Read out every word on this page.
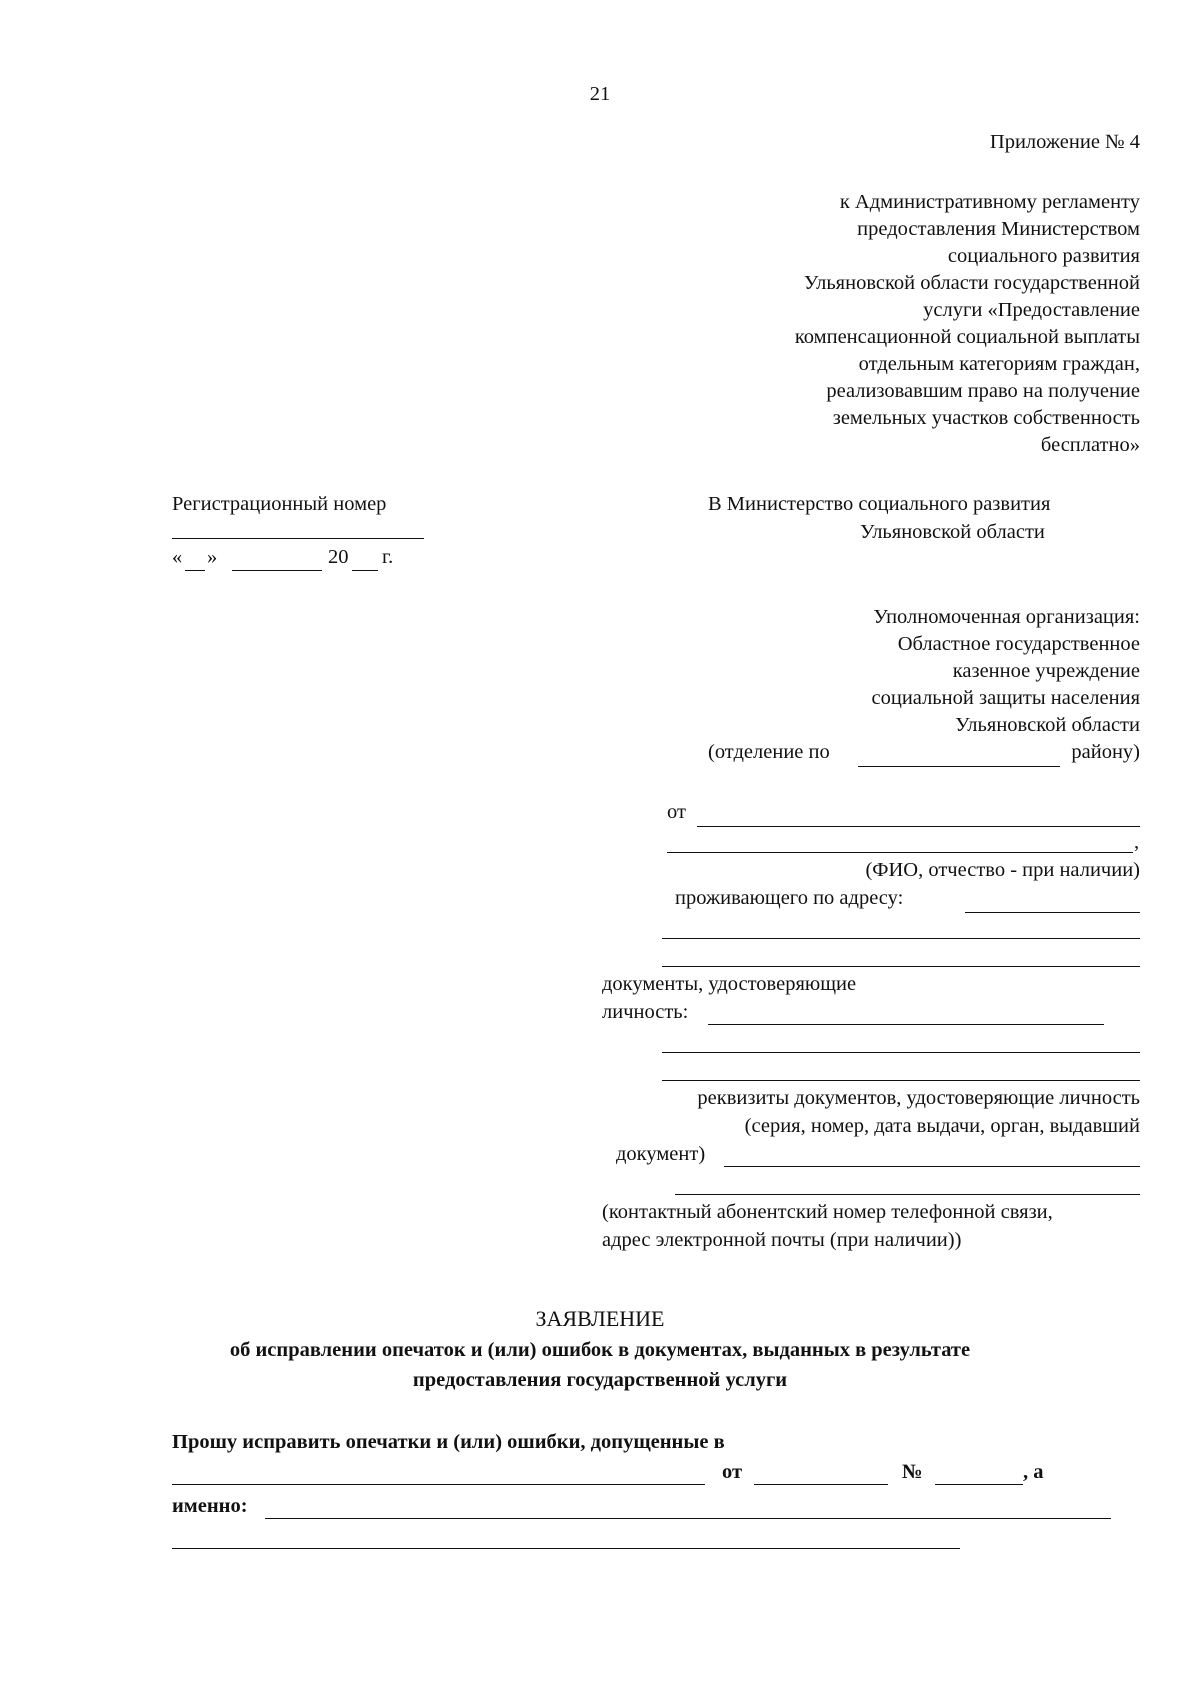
21
Приложение № 4
к Административному регламенту
предоставления Министерством
социального развития
Ульяновской области государственной
услуги «Предоставление
компенсационной социальной выплаты
отдельным категориям граждан,
реализовавшим право на получение
земельных участков собственность
бесплатно»
Регистрационный номер
« »	20 г.
В Министерство социального развития
Ульяновской области
Уполномоченная организация:
Областное государственное
казенное учреждение
социальной защиты населения
Ульяновской области
(отделение по	району)
от
,
(ФИО, отчество - при наличии)
проживающего по адресу:
документы, удостоверяющие
личность:
реквизиты документов, удостоверяющие личность
(серия, номер, дата выдачи, орган, выдавший
документ)
(контактный абонентский номер телефонной связи,
адрес электронной почты (при наличии))
ЗАЯВЛЕНИЕ
об исправлении опечаток и (или) ошибок в документах, выданных в результате
предоставления государственной услуги
Прошу исправить опечатки и (или) ошибки, допущенные в
от	№	, а
именно:
